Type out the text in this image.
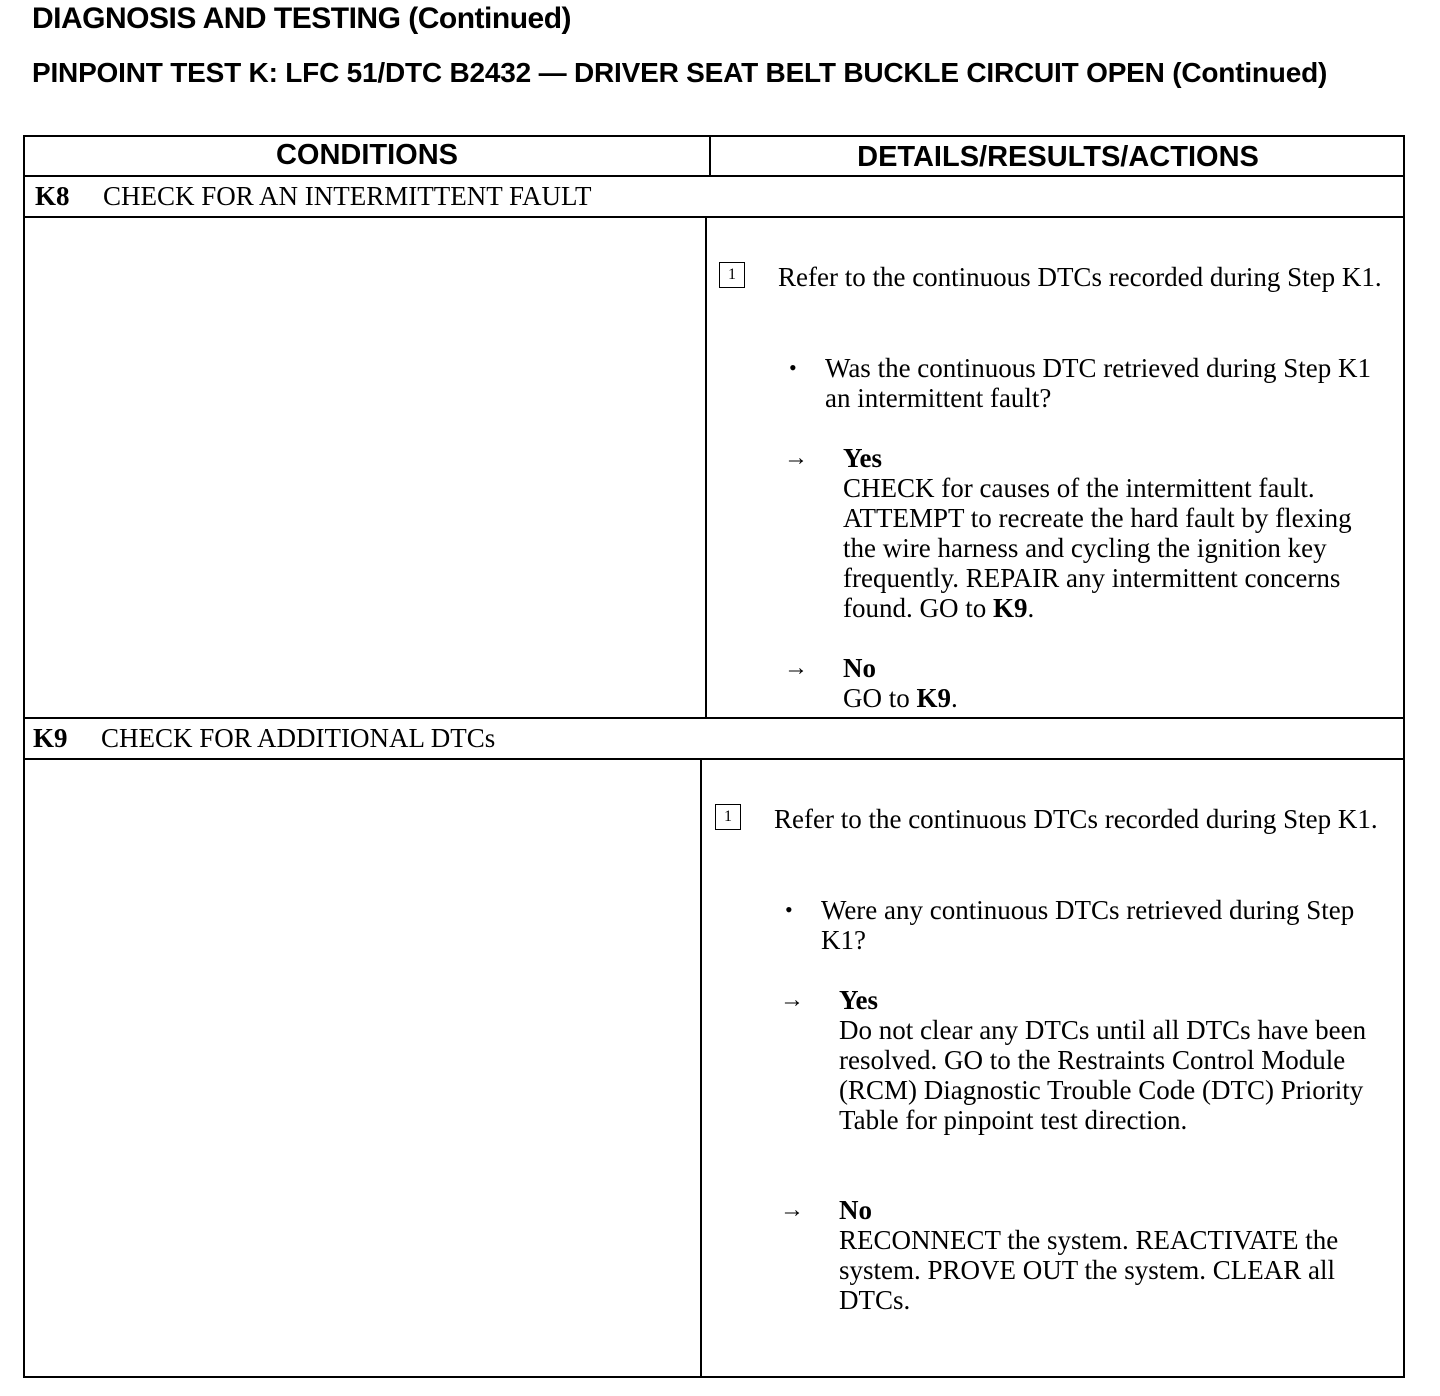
DIAGNOSIS AND TESTING (Continued)
PINPOINT TEST K: LFC 51/DTC B2432 — DRIVER SEAT BELT BUCKLE CIRCUIT OPEN (Continued)
CONDITIONS	DETAILS/RESULTS/ACTIONS
K8 CHECK FOR AN INTERMITTENT FAULT
1	Refer to the continuous DTCs recorded during Step K1.
• Was the continuous DTC retrieved during Step K1 an intermittent fault?
→ Yes
CHECK for causes of the intermittent fault. ATTEMPT to recreate the hard fault by flexing the wire harness and cycling the ignition key frequently. REPAIR any intermittent concerns found. GO to K9.
→ No
GO to K9.
K9 CHECK FOR ADDITIONAL DTCs
1	Refer to the continuous DTCs recorded during Step K1.
• Were any continuous DTCs retrieved during Step K1?
→ Yes
Do not clear any DTCs until all DTCs have been resolved. GO to the Restraints Control Module (RCM) Diagnostic Trouble Code (DTC) Priority Table for pinpoint test direction.
→ No
RECONNECT the system. REACTIVATE the system. PROVE OUT the system. CLEAR all DTCs.
